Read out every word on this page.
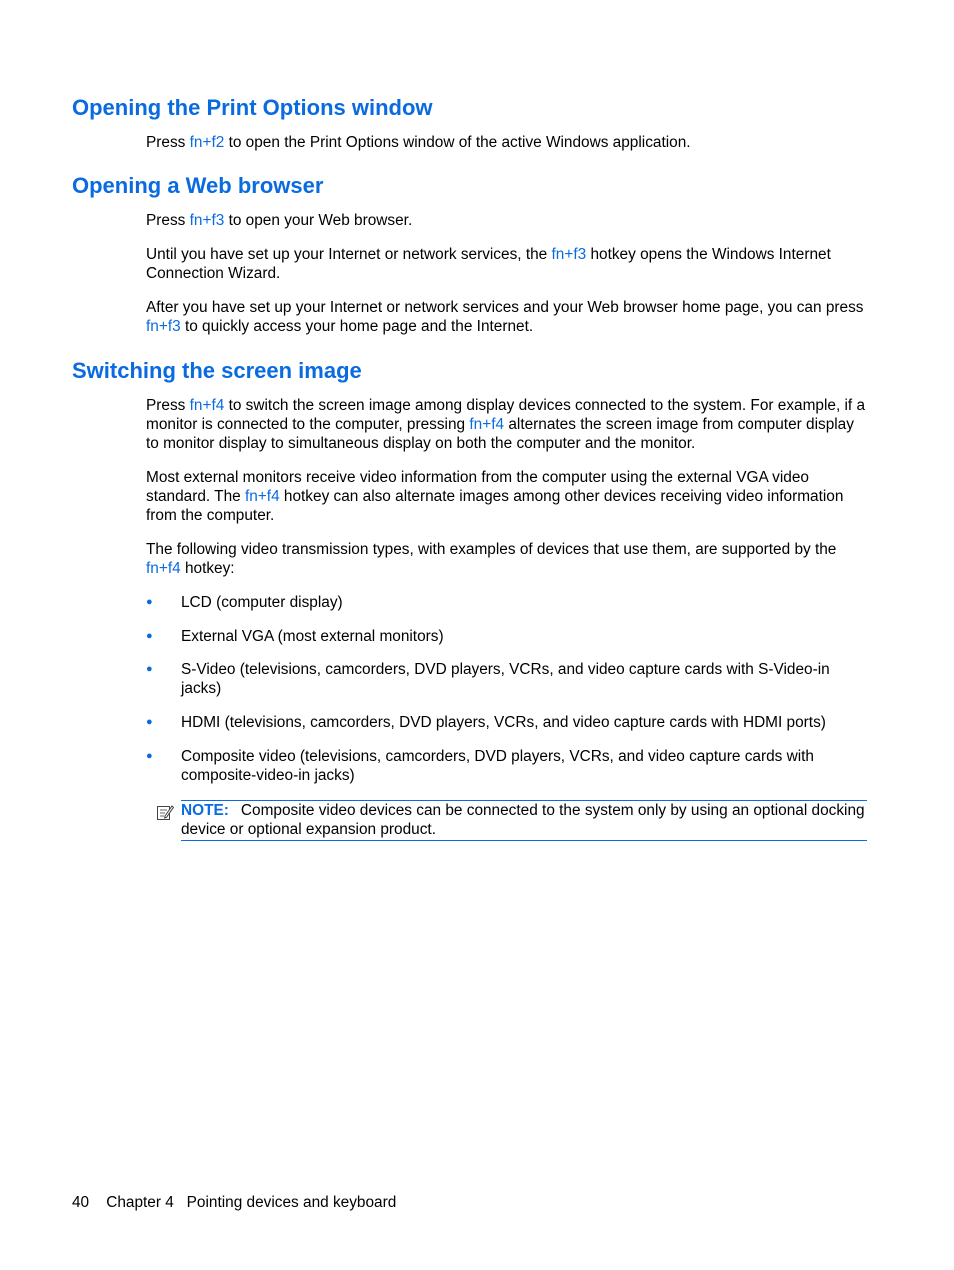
Opening the Print Options window

Press fn+f2 to open the Print Options window of the active Windows application.

Opening a Web browser

Press fn+f3 to open your Web browser.

Until you have set up your Internet or network services, the fn+f3 hotkey opens the Windows Internet Connection Wizard.

After you have set up your Internet or network services and your Web browser home page, you can press fn+f3 to quickly access your home page and the Internet.

Switching the screen image

Press fn+f4 to switch the screen image among display devices connected to the system. For example, if a monitor is connected to the computer, pressing fn+f4 alternates the screen image from computer display to monitor display to simultaneous display on both the computer and the monitor.

Most external monitors receive video information from the computer using the external VGA video standard. The fn+f4 hotkey can also alternate images among other devices receiving video information from the computer.

The following video transmission types, with examples of devices that use them, are supported by the fn+f4 hotkey:

● LCD (computer display)
● External VGA (most external monitors)
● S-Video (televisions, camcorders, DVD players, VCRs, and video capture cards with S-Video-in jacks)
● HDMI (televisions, camcorders, DVD players, VCRs, and video capture cards with HDMI ports)
● Composite video (televisions, camcorders, DVD players, VCRs, and video capture cards with composite-video-in jacks)
NOTE: Composite video devices can be connected to the system only by using an optional docking device or optional expansion product.
40 Chapter 4 Pointing devices and keyboard
